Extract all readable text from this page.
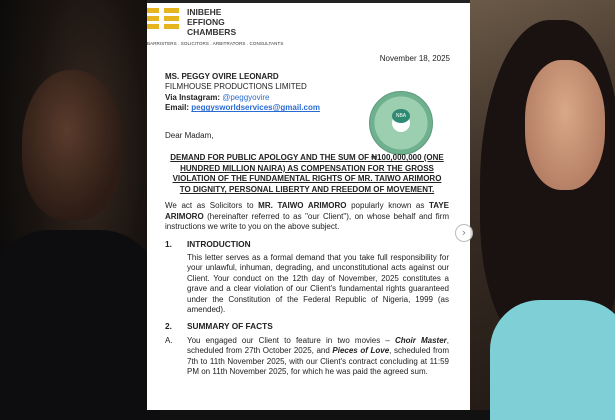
INIBEHE
EFFIONG
CHAMBERS
BARRISTERS . SOLICITORS . ARBITRATORS . CONSULTANTS
November 18, 2025
MS. PEGGY OVIRE LEONARD
FILMHOUSE PRODUCTIONS LIMITED
Via Instagram: @peggyovire
Email: peggysworldservices@gmail.com
NBA
Dear Madam,
DEMAND FOR PUBLIC APOLOGY AND THE SUM OF ₦100,000,000 (ONE HUNDRED MILLION NAIRA) AS COMPENSATION FOR THE GROSS VIOLATION OF THE FUNDAMENTAL RIGHTS OF MR. TAIWO ARIMORO TO DIGNITY, PERSONAL LIBERTY AND FREEDOM OF MOVEMENT.
We act as Solicitors to MR. TAIWO ARIMORO popularly known as TAYE ARIMORO (hereinafter referred to as "our Client"), on whose behalf and firm instructions we write to you on the above subject.
1.	INTRODUCTION
This letter serves as a formal demand that you take full responsibility for your unlawful, inhuman, degrading, and unconstitutional acts against our Client. Your conduct on the 12th day of November, 2025 constitutes a grave and a clear violation of our Client's fundamental rights guaranteed under the Constitution of the Federal Republic of Nigeria, 1999 (as amended).
2.	SUMMARY OF FACTS
A.	You engaged our Client to feature in two movies – Choir Master, scheduled from 27th October 2025, and Pieces of Love, scheduled from 7th to 11th November 2025, with our Client's contract concluding at 11:59 PM on 11th November 2025, for which he was paid the agreed sum.
›
